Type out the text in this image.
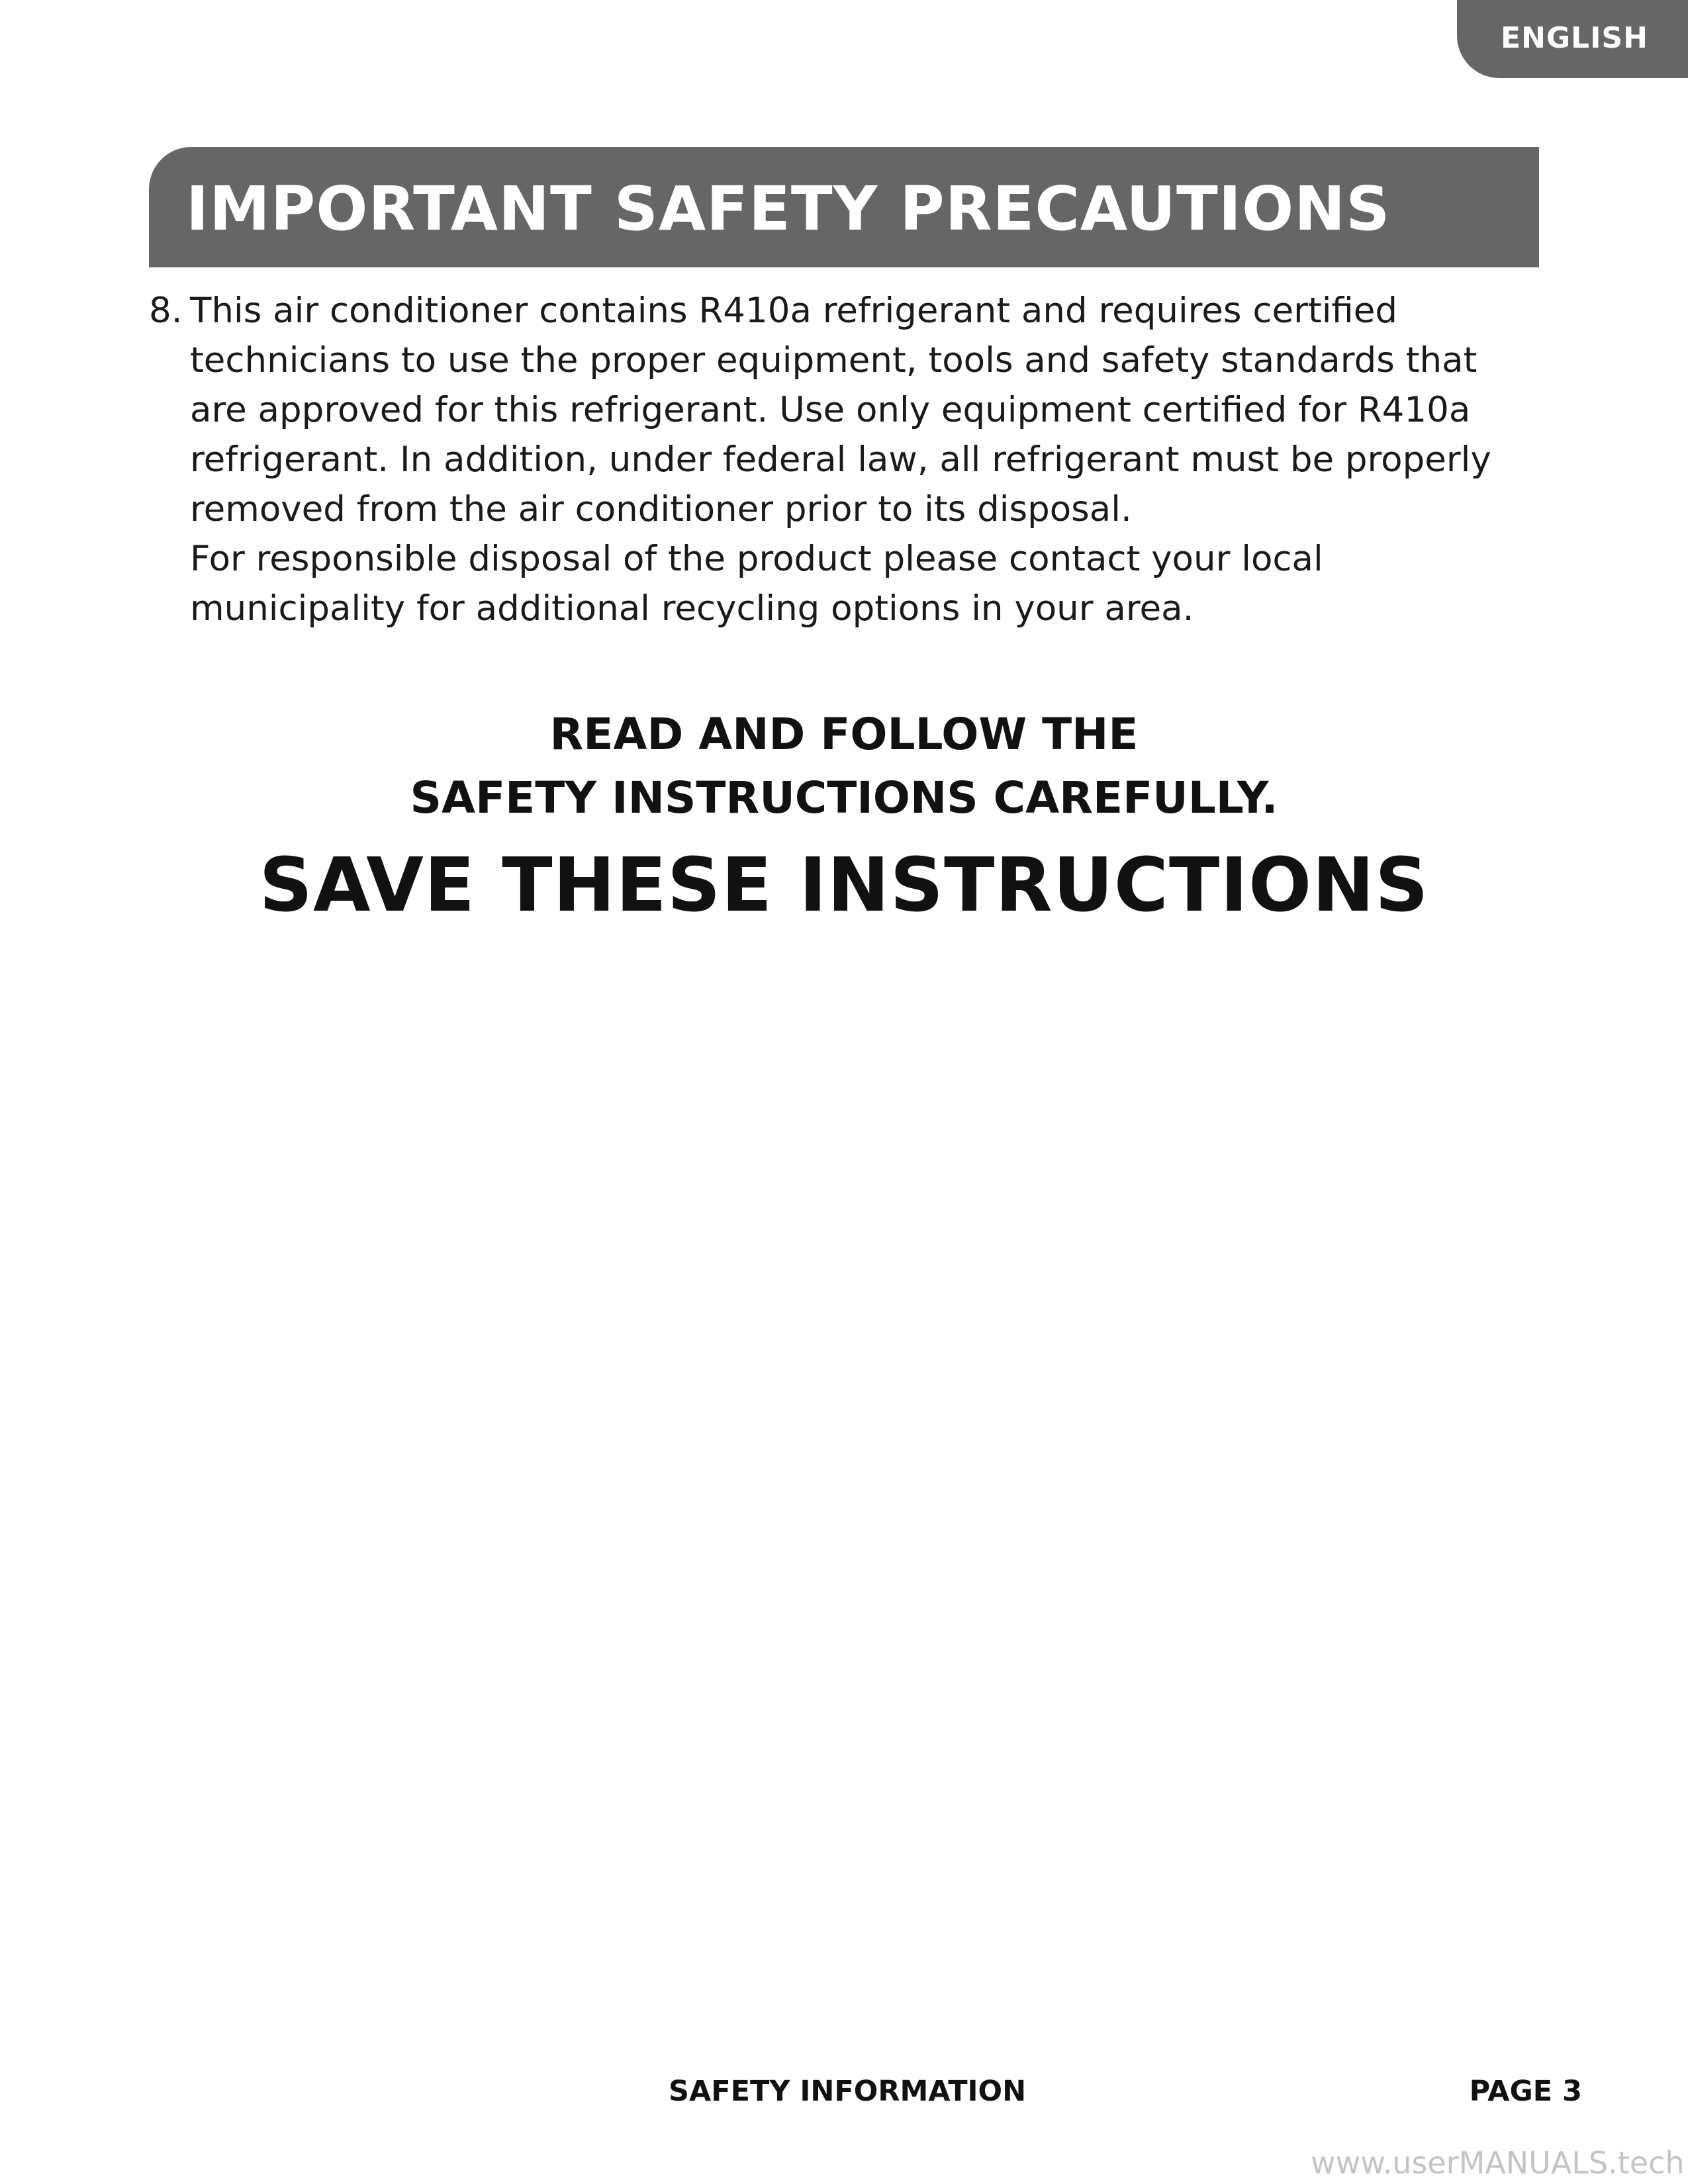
ENGLISH
IMPORTANT SAFETY PRECAUTIONS
8. This air conditioner contains R410a refrigerant and requires certified
technicians to use the proper equipment, tools and safety standards that
are approved for this refrigerant. Use only equipment certified for R410a
refrigerant. In addition, under federal law, all refrigerant must be properly
removed from the air conditioner prior to its disposal.

For responsible disposal of the product please contact your local
municipality for additional recycling options in your area.

READ AND FOLLOW THE
SAFETY INSTRUCTIONS CAREFULLY.
SAVE THESE INSTRUCTIONS
SAFETY INFORMATION	PAGE 3
www.userMANUALS.tech
